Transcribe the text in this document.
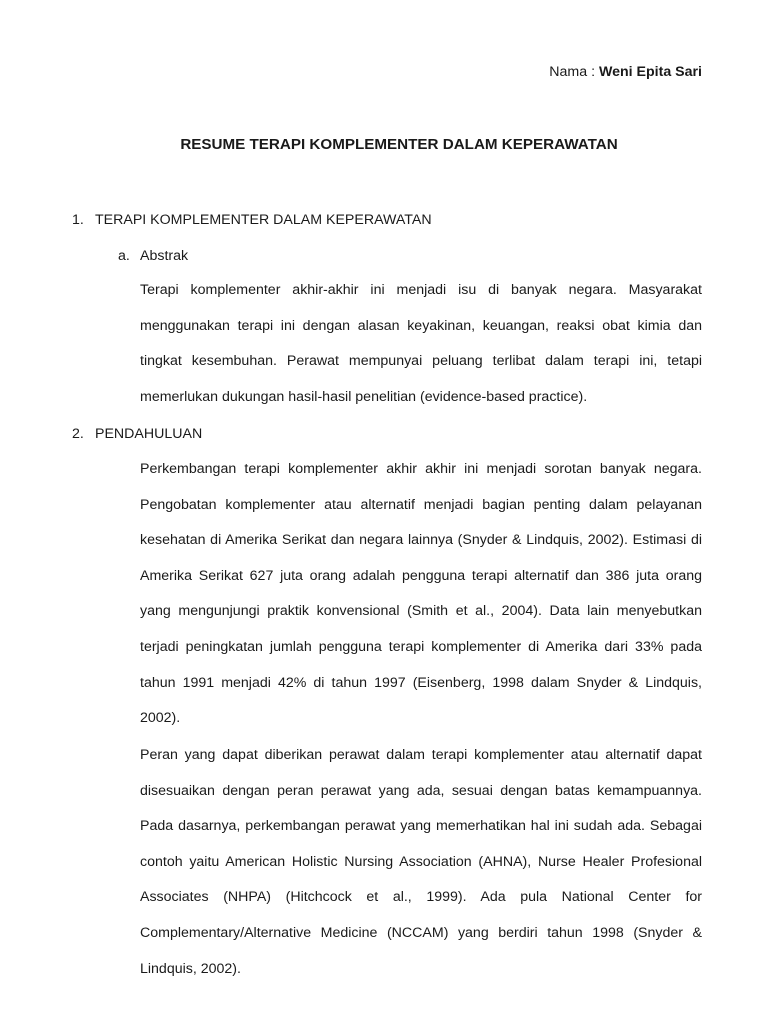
Nama : Weni Epita Sari
RESUME TERAPI KOMPLEMENTER DALAM KEPERAWATAN
1. TERAPI KOMPLEMENTER DALAM KEPERAWATAN
a. Abstrak

Terapi komplementer akhir-akhir ini menjadi isu di banyak negara. Masyarakat menggunakan terapi ini dengan alasan keyakinan, keuangan, reaksi obat kimia dan tingkat kesembuhan. Perawat mempunyai peluang terlibat dalam terapi ini, tetapi memerlukan dukungan hasil-hasil penelitian (evidence-based practice).

2. PENDAHULUAN

Perkembangan terapi komplementer akhir akhir ini menjadi sorotan banyak negara. Pengobatan komplementer atau alternatif menjadi bagian penting dalam pelayanan kesehatan di Amerika Serikat dan negara lainnya (Snyder & Lindquis, 2002). Estimasi di Amerika Serikat 627 juta orang adalah pengguna terapi alternatif dan 386 juta orang yang mengunjungi praktik konvensional (Smith et al., 2004). Data lain menyebutkan terjadi peningkatan jumlah pengguna terapi komplementer di Amerika dari 33% pada tahun 1991 menjadi 42% di tahun 1997 (Eisenberg, 1998 dalam Snyder & Lindquis, 2002).

Peran yang dapat diberikan perawat dalam terapi komplementer atau alternatif dapat disesuaikan dengan peran perawat yang ada, sesuai dengan batas kemampuannya. Pada dasarnya, perkembangan perawat yang memerhatikan hal ini sudah ada. Sebagai contoh yaitu American Holistic Nursing Association (AHNA), Nurse Healer Profesional Associates (NHPA) (Hitchcock et al., 1999). Ada pula National Center for Complementary/Alternative Medicine (NCCAM) yang berdiri tahun 1998 (Snyder & Lindquis, 2002).
